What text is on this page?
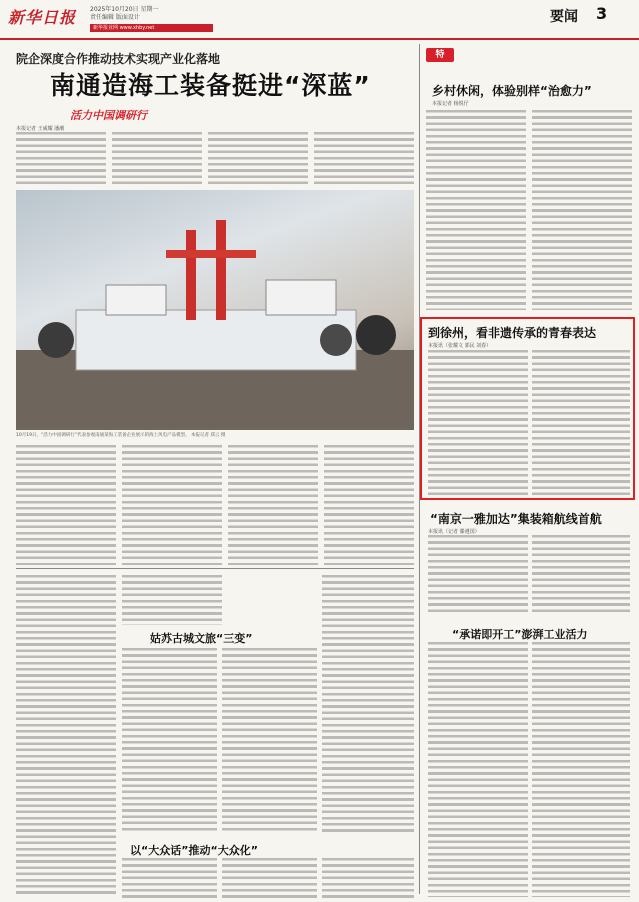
新华日报 2025年10月20日 星期一
责任编辑 版面设计
新华报业网 www.xhby.net
要闻 3
院企深度合作推动技术实现产业化落地
南通造海工装备挺进“深蓝”
活力中国调研行
本报记者 王威耀 潘潮
10月19日，“活力中国调研行”代表参观南通某海工装备企业展示的海上风电产品模型。 本报记者 郑云 摄
特
乡村休闲，体验别样“治愈力”
本报记者 杨锐仔
到徐州，看非遗传承的青春表达
本报讯（张耀文 郭民 刘春）
“南京一雅加达”集装箱航线首航
本报讯（记者 滕遵国）
姑苏古城文旅“三变”
以“大众话”推动“大众化”
“承诺即开工”澎湃工业活力
